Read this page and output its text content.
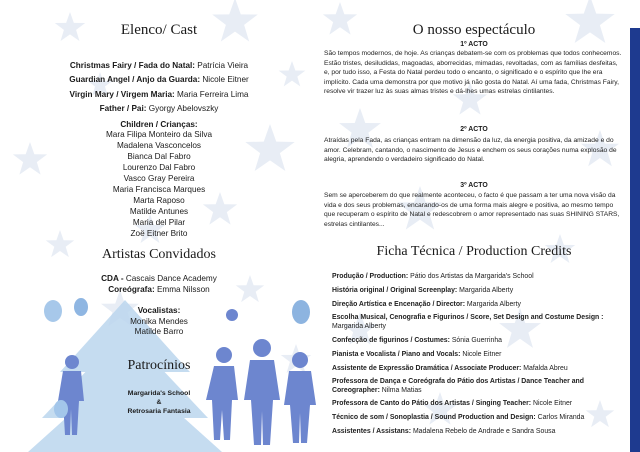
Elenco/ Cast
Christmas Fairy / Fada do Natal: Patrícia Vieira
Guardian Angel / Anjo da Guarda: Nicole Eitner
Virgin Mary / Virgem Maria: Maria Ferreira Lima
Father / Pai: Gyorgy Abelovszky
Children / Crianças:
Mara Filipa Monteiro da Silva
Madalena Vasconcelos
Bianca Dal Fabro
Lourenzo Dal Fabro
Vasco Gray Pereira
Maria Francisca Marques
Marta Raposo
Matilde Antunes
Maria del Pilar
Zoë Eitner Brito
Artistas Convidados
CDA - Cascais Dance Academy
Coreógrafa: Emma Nilsson
Vocalistas:
Monika Mendes
Matilde Barro
Patrocínios
Margarida's School
&
Retrosaria Fantasia
O nosso espectáculo
1º ACTO
São tempos modernos, de hoje. As crianças debatem-se com os problemas que todos conhecemos. Estão tristes, desiludidas, magoadas, aborrecidas, mimadas, revoltadas, com as famílias desfeitas, e, por tudo isso, a Festa do Natal perdeu todo o encanto, o significado e o espírito que lhe era implícito. Cada uma demonstra por que motivo já não gosta do Natal. Aí uma fada, Christmas Fairy, resolve vir trazer luz às suas almas tristes e dá-lhes umas estrelas cintilantes.
2º ACTO
Atraídas pela Fada, as crianças entram na dimensão da luz, da energia positiva, da amizade e do amor. Celebram, cantando, o nascimento de Jesus e enchem os seus corações numa explosão de alegria, aprendendo o verdadeiro significado do Natal.
3º ACTO
Sem se aperceberem do que realmente aconteceu, o facto é que passam a ter uma nova visão da vida e dos seus problemas, encarando-os de uma forma mais alegre e positiva, ao mesmo tempo que recuperam o espírito de Natal e redescobrem o amor representado nas suas SHINING STARS, estrelas cintilantes...
Ficha Técnica / Production Credits
Produção / Production: Pátio dos Artistas da Margarida's School
História original / Original Screenplay: Margarida Alberty
Direção Artística e Encenação / Director: Margarida Alberty
Escolha Musical, Cenografia e Figurinos / Score, Set Design and Costume Design : Margarida Alberty
Confecção de figurinos / Costumes: Sónia Guerrinha
Pianista e Vocalista / Piano and Vocals: Nicole Eitner
Assistente de Expressão Dramática / Associate Producer: Mafalda Abreu
Professora de Dança e Coreógrafa do Pátio dos Artistas / Dance Teacher and Coreographer: Nilma Matias
Professora de Canto do Pátio dos Artistas / Singing Teacher: Nicole Eitner
Técnico de som / Sonoplastia / Sound Production and Design: Carlos Miranda
Assistentes / Assistans: Madalena Rebelo de Andrade e Sandra Sousa
